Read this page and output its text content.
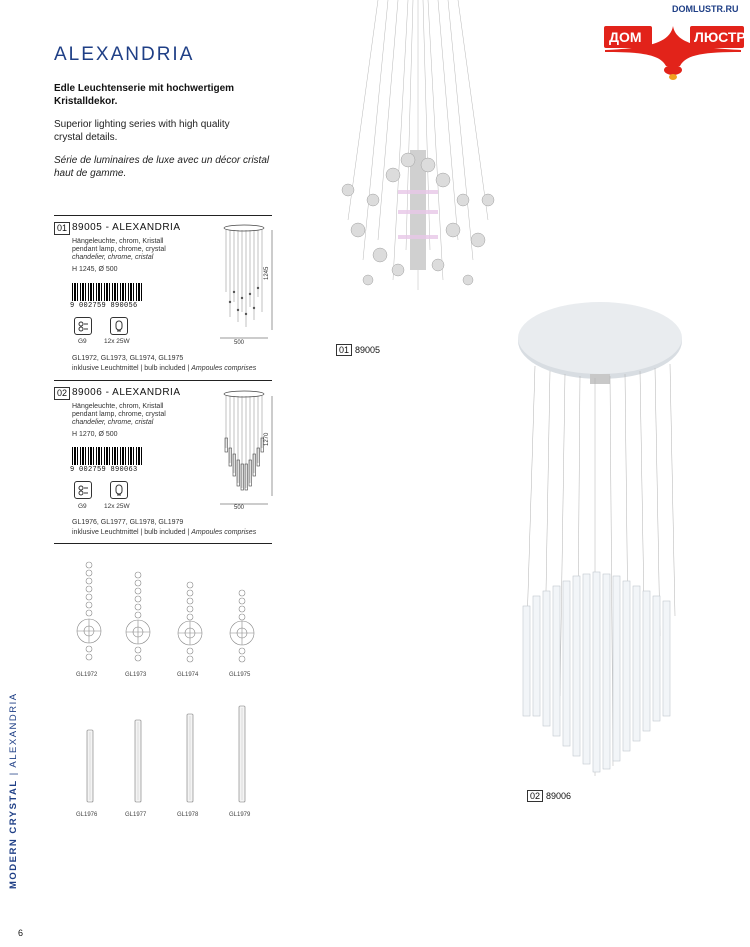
DOMLUSTR.RU
ДОМ	ЛЮСТР
ALEXANDRIA
Edle Leuchtenserie mit hochwertigem Kristalldekor.
Superior lighting series with high quality crystal details.
Série de luminaires de luxe avec un décor cristal haut de gamme.
01 89005 - ALEXANDRIA
Hängeleuchte, chrom, Kristall
pendant lamp, chrome, crystal
chandelier, chrome, cristal
H 1245, Ø 500
9 002759 890056
G9	12x 25W
GL1972, GL1973, GL1974, GL1975
inklusive Leuchtmittel | bulb included | Ampoules comprises
1245
500
02 89006 - ALEXANDRIA
Hängeleuchte, chrom, Kristall
pendant lamp, chrome, crystal
chandelier, chrome, cristal
H 1270, Ø 500
9 002759 890063
G9	12x 25W
GL1976, GL1977, GL1978, GL1979
inklusive Leuchtmittel | bulb included | Ampoules comprises
1270
500
GL1972	GL1973	GL1974	GL1975
GL1976	GL1977	GL1978	GL1979
01 89005
02 89006
MODERN CRYSTAL | ALEXANDRIA
6
